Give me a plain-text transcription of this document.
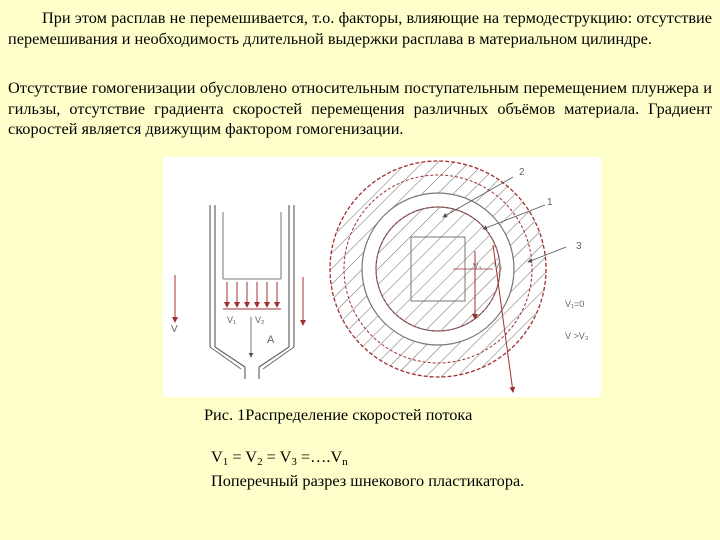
При этом расплав не перемешивается, т.о. факторы, влияющие на термодеструкцию: отсутствие перемешивания и необходимость длительной выдержки расплава в материальном цилиндре.

Отсутствие гомогенизации обусловлено относительным поступательным перемещением плунжера и гильзы, отсутствие градиента скоростей перемещения различных объёмов материала. Градиент скоростей является движущим фактором гомогенизации.

V
V₁ V₂
A
2
1
3
V₃ V₂
V₁=0
V >V₃
Рис. 1Распределение скоростей потока
$V_1 = V_2 = V_3$ $=\dots.V_n$
Поперечный разрез шнекового пластикатора.
